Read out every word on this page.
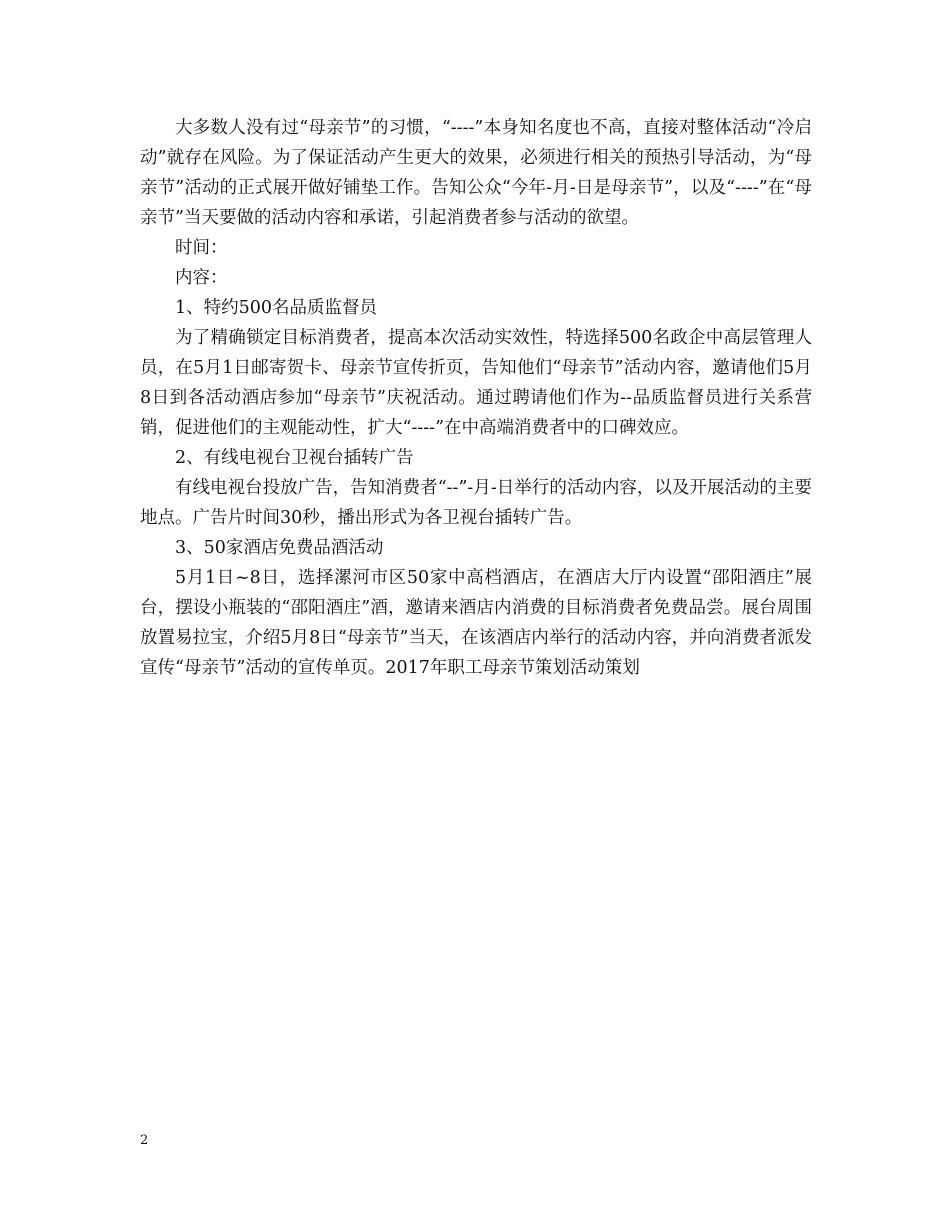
大多数人没有过“母亲节”的习惯，“----”本身知名度也不高，直接对整体活动“冷启动”就存在风险。为了保证活动产生更大的效果，必须进行相关的预热引导活动，为“母亲节”活动的正式展开做好铺垫工作。告知公众“今年-月-日是母亲节”，以及“----”在“母亲节”当天要做的活动内容和承诺，引起消费者参与活动的欲望。

时间：

内容：

1、特约500名品质监督员

为了精确锁定目标消费者，提高本次活动实效性，特选择500名政企中高层管理人员，在5月1日邮寄贺卡、母亲节宣传折页，告知他们“母亲节”活动内容，邀请他们5月8日到各活动酒店参加“母亲节”庆祝活动。通过聘请他们作为--品质监督员进行关系营销，促进他们的主观能动性，扩大“----”在中高端消费者中的口碑效应。

2、有线电视台卫视台插转广告

有线电视台投放广告，告知消费者“--”-月-日举行的活动内容，以及开展活动的主要地点。广告片时间30秒，播出形式为各卫视台插转广告。

3、50家酒店免费品酒活动

5月1日~8日，选择漯河市区50家中高档酒店，在酒店大厅内设置“邵阳酒庄”展台，摆设小瓶装的“邵阳酒庄”酒，邀请来酒店内消费的目标消费者免费品尝。展台周围放置易拉宝，介绍5月8日“母亲节”当天，在该酒店内举行的活动内容，并向消费者派发宣传“母亲节”活动的宣传单页。2017年职工母亲节策划活动策划

2
